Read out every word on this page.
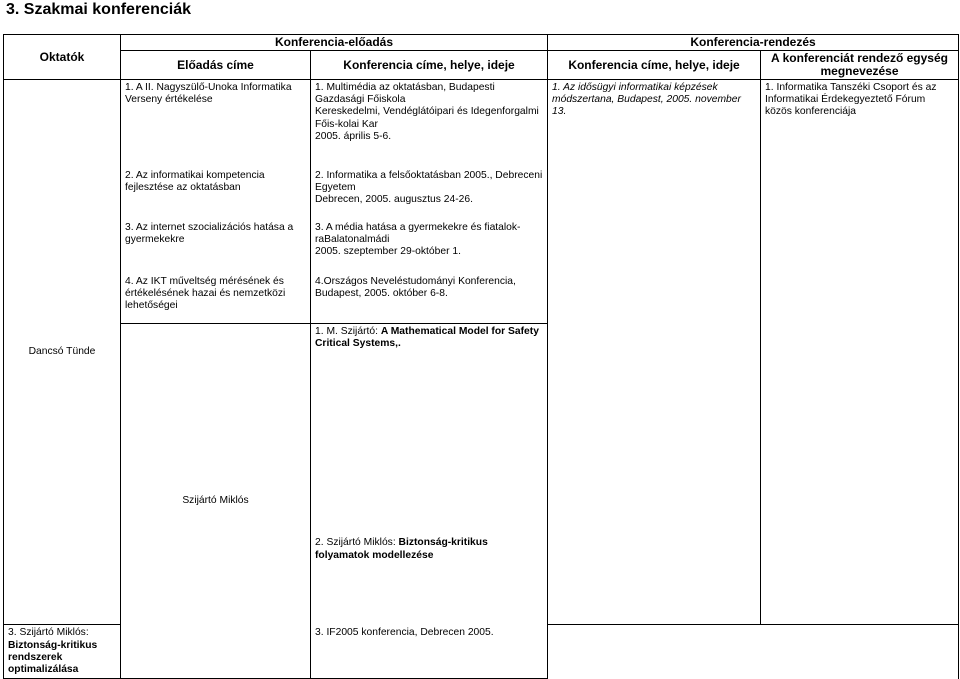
3. Szakmai konferenciák
Oktatók	Konferencia-előadás		Konferencia-rendezés		
	Előadás címe	Konferencia címe, helye, ideje	Konferencia címe, helye, ideje	A konferenciát rendező egység megnevezése	
Dancsó Tünde	1. A II. Nagyszülő-Unoka Informatika Verseny értékelése	1. Multimédia az oktatásban, Budapesti Gazdasági Főiskola
Kereskedelmi, Vendéglátóipari és Idegenforgalmi Főis-kolai Kar
2005. április 5-6.	1. Az idősügyi informatikai képzések módszertana, Budapest, 2005. november 13.	1. Informatika Tanszéki Csoport és az Informatikai Érdekegyeztető Fórum közös konferenciája	

	2. Az informatikai kompetencia fejlesztése az oktatásban	2. Informatika a felsőoktatásban 2005., Debreceni Egyetem
Debrecen, 2005. augusztus 24-26.			

	3. Az internet szocializációs hatása a gyermekekre	3. A média hatása a gyermekekre és fiatalok-raBalatonalmádi
2005. szeptember 29-október 1.			

	4. Az IKT műveltség mérésének és értékelésének hazai és nemzetközi lehetőségei	4.Országos Neveléstudományi Konferencia, Budapest, 2005. október 6-8.			
	Szijártó Miklós	1. M. Szijártó: A Mathematical Model for Safety Critical Systems,.			
		2. Szijártó Miklós: Biztonság-kritikus folyamatok modellezése			
3. Szijártó Miklós: Biztonság-kritikus rendszerek optimalizálása		3. IF2005 konferencia, Debrecen 2005.			
